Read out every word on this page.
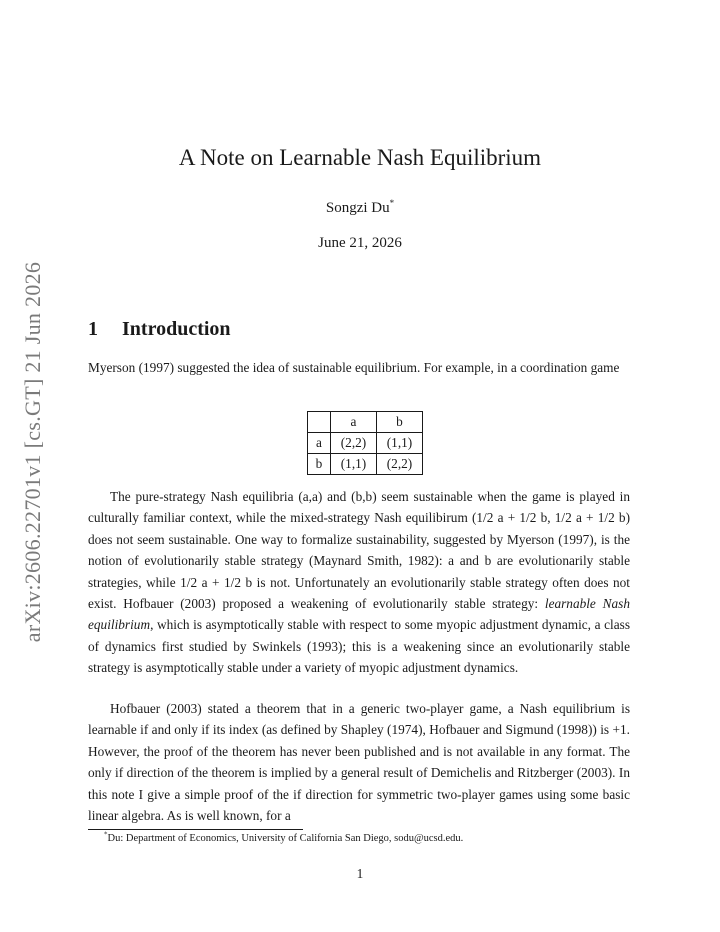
arXiv:2606.22701v1 [cs.GT] 21 Jun 2026
A Note on Learnable Nash Equilibrium
Songzi Du*
June 21, 2026
1 Introduction

Myerson (1997) suggested the idea of sustainable equilibrium. For example, in a coordination game

	a	b
a	(2,2)	(1,1)
b	(1,1)	(2,2)

The pure-strategy Nash equilibria (a,a) and (b,b) seem sustainable when the game is played in culturally familiar context, while the mixed-strategy Nash equilibirum (1/2 a + 1/2 b, 1/2 a + 1/2 b) does not seem sustainable. One way to formalize sustainability, suggested by Myerson (1997), is the notion of evolutionarily stable strategy (Maynard Smith, 1982): a and b are evolutionarily stable strategies, while 1/2 a + 1/2 b is not. Unfortunately an evolutionarily stable strategy often does not exist. Hofbauer (2003) proposed a weakening of evolutionarily stable strategy: learnable Nash equilibrium, which is asymptotically stable with respect to some myopic adjustment dynamic, a class of dynamics first studied by Swinkels (1993); this is a weakening since an evolutionarily stable strategy is asymptotically stable under a variety of myopic adjustment dynamics.

Hofbauer (2003) stated a theorem that in a generic two-player game, a Nash equilibrium is learnable if and only if its index (as defined by Shapley (1974), Hofbauer and Sigmund (1998)) is +1. However, the proof of the theorem has never been published and is not available in any format. The only if direction of the theorem is implied by a general result of Demichelis and Ritzberger (2003). In this note I give a simple proof of the if direction for symmetric two-player games using some basic linear algebra. As is well known, for a

*Du: Department of Economics, University of California San Diego, sodu@ucsd.edu.
1
